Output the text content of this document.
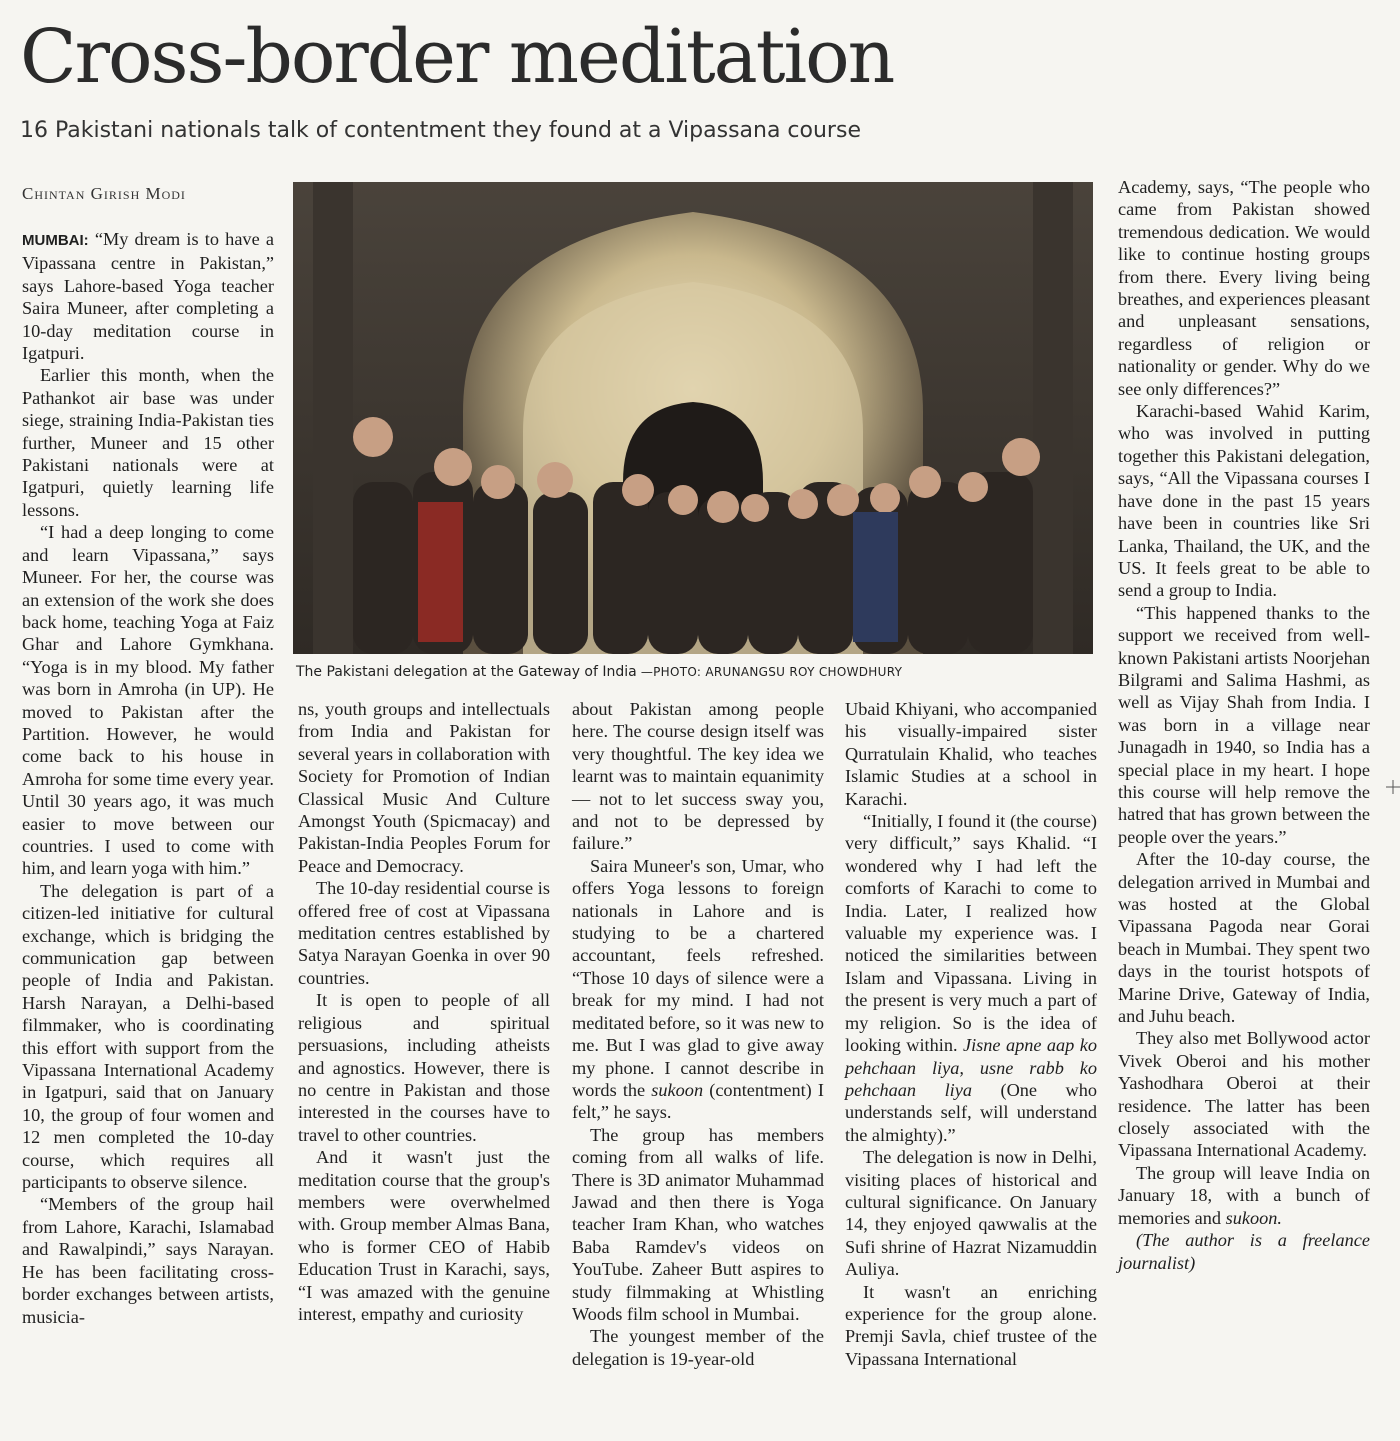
Cross-border meditation

16 Pakistani nationals talk of contentment they found at a Vipassana course

Chintan Girish Modi

MUMBAI: “My dream is to have a Vipassana centre in Pakistan,” says Lahore-based Yoga teacher Saira Muneer, after completing a 10-day meditation course in Igatpuri.

Earlier this month, when the Pathankot air base was under siege, straining India-Pakistan ties further, Muneer and 15 other Pakistani nationals were at Igatpuri, quietly learning life lessons.

“I had a deep longing to come and learn Vipassana,” says Muneer. For her, the course was an extension of the work she does back home, teaching Yoga at Faiz Ghar and Lahore Gymkhana. “Yoga is in my blood. My father was born in Amroha (in UP). He moved to Pakistan after the Partition. However, he would come back to his house in Amroha for some time every year. Until 30 years ago, it was much easier to move between our countries. I used to come with him, and learn yoga with him.”

The delegation is part of a citizen-led initiative for cultural exchange, which is bridging the communication gap between people of India and Pakistan. Harsh Narayan, a Delhi-based filmmaker, who is coordinating this effort with support from the Vipassana International Academy in Igatpuri, said that on January 10, the group of four women and 12 men completed the 10-day course, which requires all participants to observe silence.

“Members of the group hail from Lahore, Karachi, Islamabad and Rawalpindi,” says Narayan. He has been facilitating cross-border exchanges between artists, musicia-

The Pakistani delegation at the Gateway of India —PHOTO: ARUNANGSU ROY CHOWDHURY

ns, youth groups and intellectuals from India and Pakistan for several years in collaboration with Society for Promotion of Indian Classical Music And Culture Amongst Youth (Spicmacay) and Pakistan-India Peoples Forum for Peace and Democracy.

The 10-day residential course is offered free of cost at Vipassana meditation centres established by Satya Narayan Goenka in over 90 countries.

It is open to people of all religious and spiritual persuasions, including atheists and agnostics. However, there is no centre in Pakistan and those interested in the courses have to travel to other countries.

And it wasn't just the meditation course that the group's members were overwhelmed with. Group member Almas Bana, who is former CEO of Habib Education Trust in Karachi, says, “I was amazed with the genuine interest, empathy and curiosity

about Pakistan among people here. The course design itself was very thoughtful. The key idea we learnt was to maintain equanimity — not to let success sway you, and not to be depressed by failure.”

Saira Muneer's son, Umar, who offers Yoga lessons to foreign nationals in Lahore and is studying to be a chartered accountant, feels refreshed. “Those 10 days of silence were a break for my mind. I had not meditated before, so it was new to me. But I was glad to give away my phone. I cannot describe in words the sukoon (contentment) I felt,” he says.

The group has members coming from all walks of life. There is 3D animator Muhammad Jawad and then there is Yoga teacher Iram Khan, who watches Baba Ramdev's videos on YouTube. Zaheer Butt aspires to study filmmaking at Whistling Woods film school in Mumbai.

The youngest member of the delegation is 19-year-old

Ubaid Khiyani, who accompanied his visually-impaired sister Qurratulain Khalid, who teaches Islamic Studies at a school in Karachi.

“Initially, I found it (the course) very difficult,” says Khalid. “I wondered why I had left the comforts of Karachi to come to India. Later, I realized how valuable my experience was. I noticed the similarities between Islam and Vipassana. Living in the present is very much a part of my religion. So is the idea of looking within. Jisne apne aap ko pehchaan liya, usne rabb ko pehchaan liya (One who understands self, will understand the almighty).”

The delegation is now in Delhi, visiting places of historical and cultural significance. On January 14, they enjoyed qawwalis at the Sufi shrine of Hazrat Nizamuddin Auliya.

It wasn't an enriching experience for the group alone. Premji Savla, chief trustee of the Vipassana International

Academy, says, “The people who came from Pakistan showed tremendous dedication. We would like to continue hosting groups from there. Every living being breathes, and experiences pleasant and unpleasant sensations, regardless of religion or nationality or gender. Why do we see only differences?”

Karachi-based Wahid Karim, who was involved in putting together this Pakistani delegation, says, “All the Vipassana courses I have done in the past 15 years have been in countries like Sri Lanka, Thailand, the UK, and the US. It feels great to be able to send a group to India.

“This happened thanks to the support we received from well-known Pakistani artists Noorjehan Bilgrami and Salima Hashmi, as well as Vijay Shah from India. I was born in a village near Junagadh in 1940, so India has a special place in my heart. I hope this course will help remove the hatred that has grown between the people over the years.”

After the 10-day course, the delegation arrived in Mumbai and was hosted at the Global Vipassana Pagoda near Gorai beach in Mumbai. They spent two days in the tourist hotspots of Marine Drive, Gateway of India, and Juhu beach.

They also met Bollywood actor Vivek Oberoi and his mother Yashodhara Oberoi at their residence. The latter has been closely associated with the Vipassana International Academy.

The group will leave India on January 18, with a bunch of memories and sukoon.

(The author is a freelance journalist)
